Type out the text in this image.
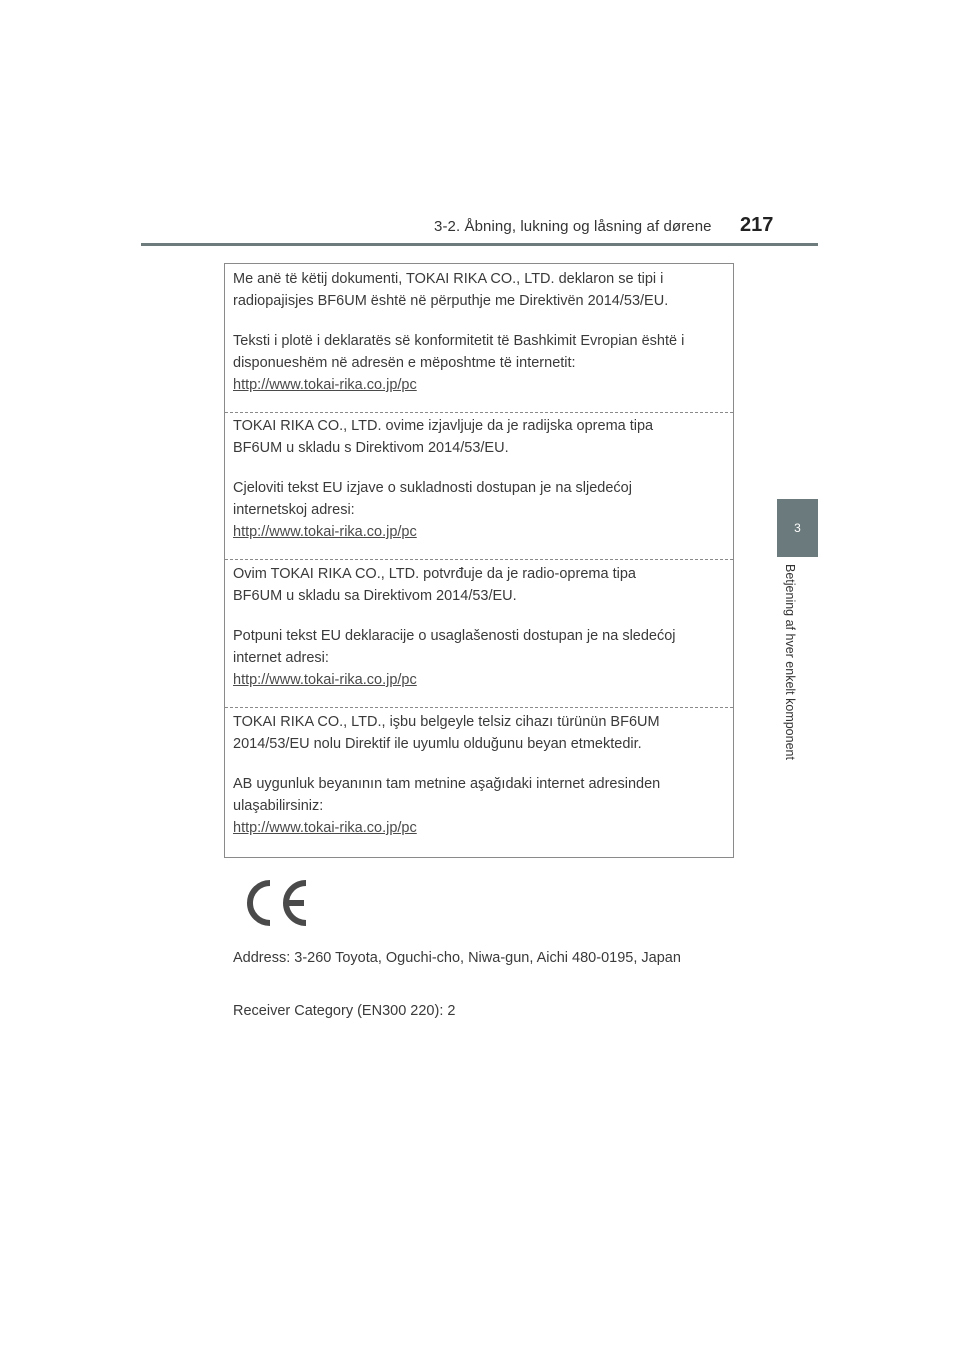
3-2. Åbning, lukning og låsning af dørene 217
3
Betjening af hver enkelt komponent

Me anë të këtij dokumenti, TOKAI RIKA CO., LTD. deklaron se tipi i

radiopajisjes BF6UM është në përputhje me Direktivën 2014/53/EU.

Teksti i plotë i deklaratës së konformitetit të Bashkimit Evropian është i

disponueshëm në adresën e mëposhtme të internetit:

http://www.tokai-rika.co.jp/pc

TOKAI RIKA CO., LTD. ovime izjavljuje da je radijska oprema tipa

BF6UM u skladu s Direktivom 2014/53/EU.

Cjeloviti tekst EU izjave o sukladnosti dostupan je na sljedećoj

internetskoj adresi:

http://www.tokai-rika.co.jp/pc

Ovim TOKAI RIKA CO., LTD. potvrđuje da je radio-oprema tipa

BF6UM u skladu sa Direktivom 2014/53/EU.

Potpuni tekst EU deklaracije o usaglašenosti dostupan je na sledećoj

internet adresi:

http://www.tokai-rika.co.jp/pc

TOKAI RIKA CO., LTD., işbu belgeyle telsiz cihazı türünün BF6UM

2014/53/EU nolu Direktif ile uyumlu olduğunu beyan etmektedir.

AB uygunluk beyanının tam metnine aşağıdaki internet adresinden

ulaşabilirsiniz:

http://www.tokai-rika.co.jp/pc

Address: 3-260 Toyota, Oguchi-cho, Niwa-gun, Aichi 480-0195, Japan
Receiver Category (EN300 220): 2
